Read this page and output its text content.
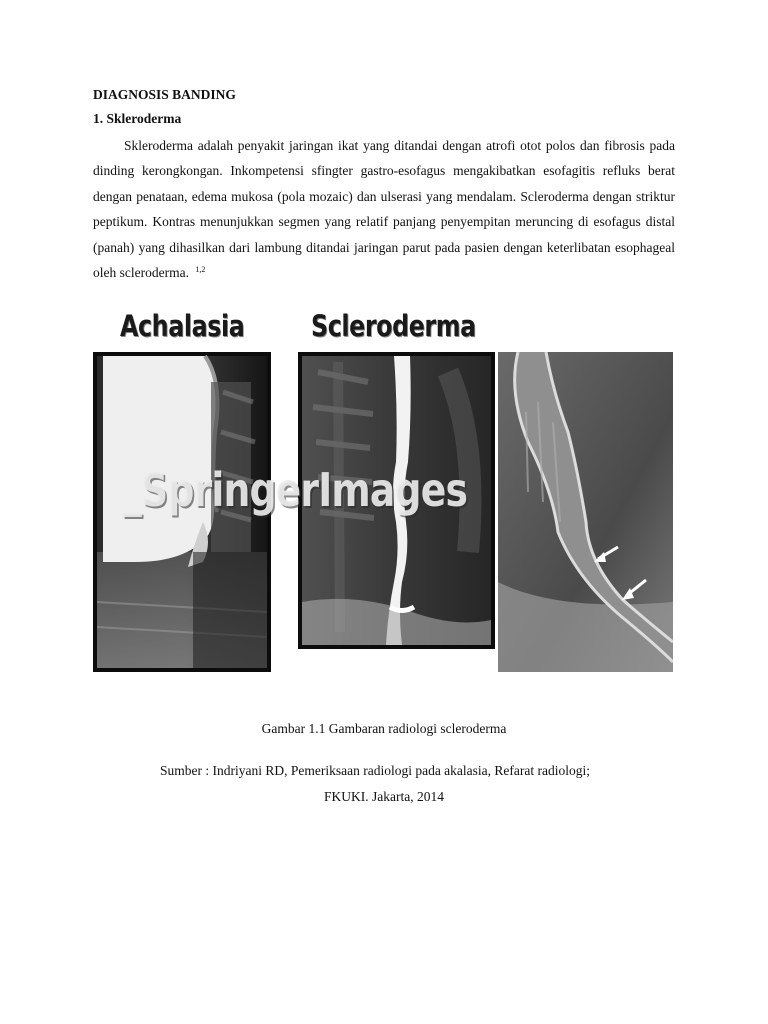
DIAGNOSIS BANDING

1. Skleroderma

Skleroderma adalah penyakit jaringan ikat yang ditandai dengan atrofi otot polos dan fibrosis pada dinding kerongkongan. Inkompetensi sfingter gastro-esofagus mengakibatkan esofagitis refluks berat dengan penataan, edema mukosa (pola mozaic) dan ulserasi yang mendalam. Scleroderma dengan striktur peptikum. Kontras menunjukkan segmen yang relatif panjang penyempitan meruncing di esofagus distal (panah) yang dihasilkan dari lambung ditandai jaringan parut pada pasien dengan keterlibatan esophageal oleh scleroderma. $^{1,2}$

Achalasia Scleroderma
_SpringerImages

Gambar 1.1 Gambaran radiologi scleroderma

Sumber : Indriyani RD, Pemeriksaan radiologi pada akalasia, Refarat radiologi;

FKUKI. Jakarta, 2014
